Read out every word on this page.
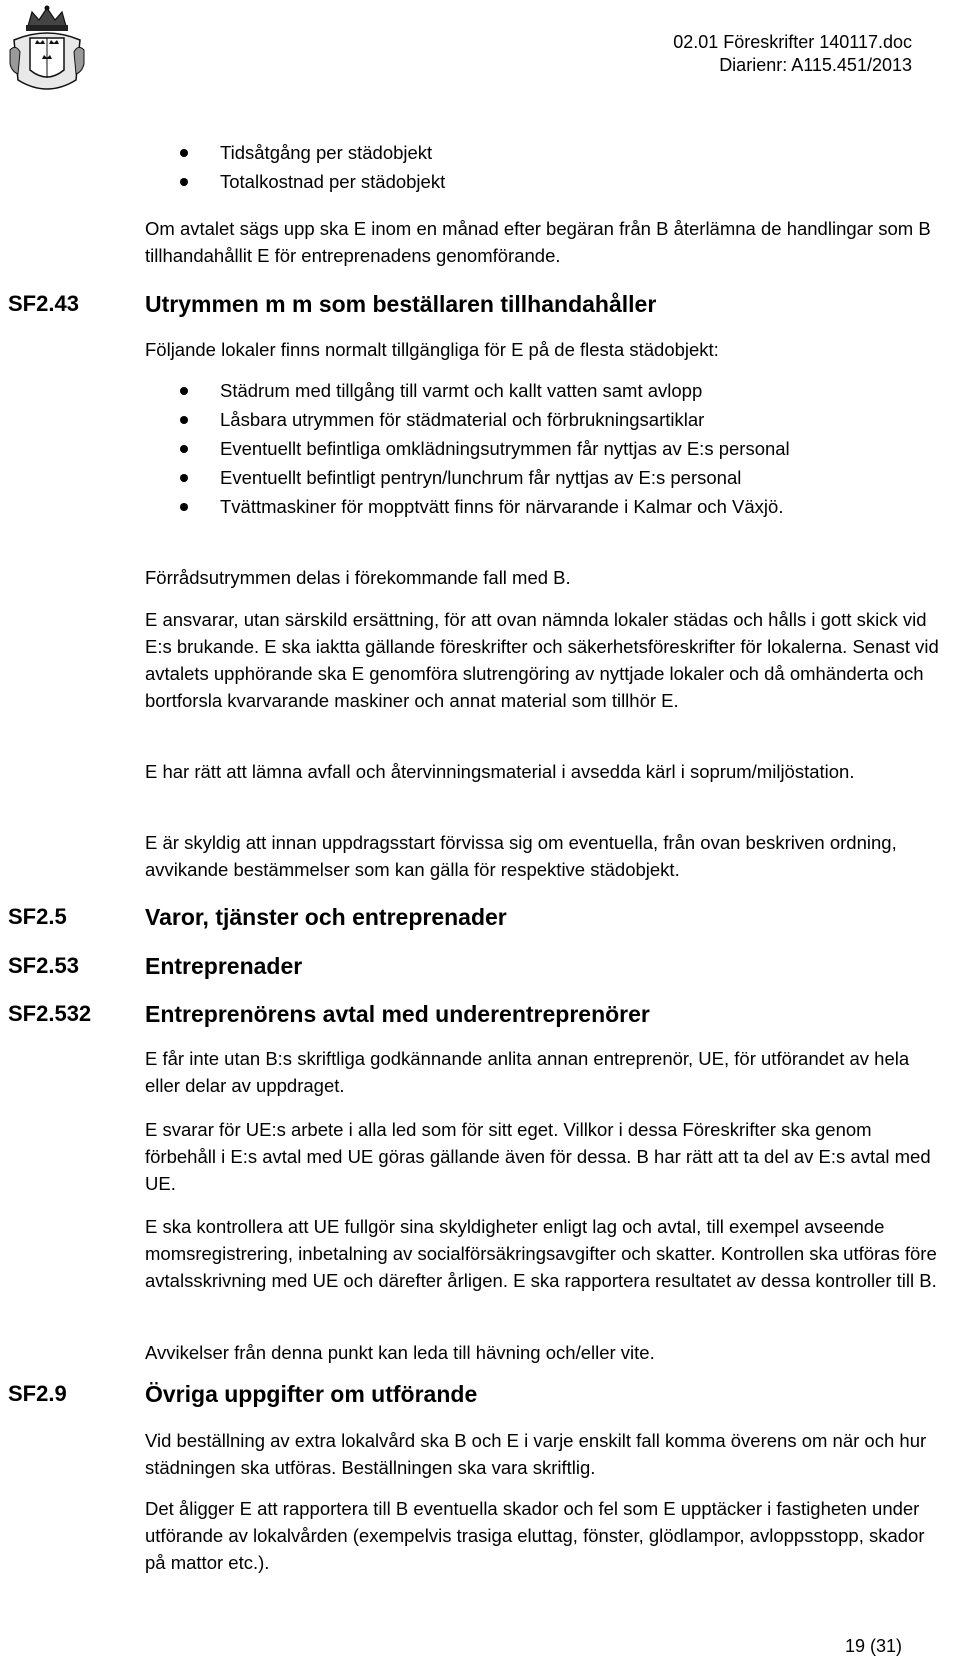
02.01 Föreskrifter 140117.doc
Diarienr: A115.451/2013
Tidsåtgång per städobjekt
Totalkostnad per städobjekt

Om avtalet sägs upp ska E inom en månad efter begäran från B återlämna de handlingar som B tillhandahållit E för entreprenadens genomförande.

SF2.43	Utrymmen m m som beställaren tillhandahåller

Följande lokaler finns normalt tillgängliga för E på de flesta städobjekt:

Städrum med tillgång till varmt och kallt vatten samt avlopp
Låsbara utrymmen för städmaterial och förbrukningsartiklar
Eventuellt befintliga omklädningsutrymmen får nyttjas av E:s personal
Eventuellt befintligt pentryn/lunchrum får nyttjas av E:s personal
Tvättmaskiner för mopptvätt finns för närvarande i Kalmar och Växjö.

Förrådsutrymmen delas i förekommande fall med B.

E ansvarar, utan särskild ersättning, för att ovan nämnda lokaler städas och hålls i gott skick vid E:s brukande. E ska iaktta gällande föreskrifter och säkerhetsföreskrifter för lokalerna. Senast vid avtalets upphörande ska E genomföra slutrengöring av nyttjade lokaler och då omhänderta och bortforsla kvarvarande maskiner och annat material som tillhör E.

E har rätt att lämna avfall och återvinningsmaterial i avsedda kärl i soprum/miljöstation.

E är skyldig att innan uppdragsstart förvissa sig om eventuella, från ovan beskriven ordning, avvikande bestämmelser som kan gälla för respektive städobjekt.

SF2.5	Varor, tjänster och entreprenader
SF2.53	Entreprenader
SF2.532 Entreprenörens avtal med underentreprenörer

E får inte utan B:s skriftliga godkännande anlita annan entreprenör, UE, för utförandet av hela eller delar av uppdraget.

E svarar för UE:s arbete i alla led som för sitt eget. Villkor i dessa Föreskrifter ska genom förbehåll i E:s avtal med UE göras gällande även för dessa. B har rätt att ta del av E:s avtal med UE.

E ska kontrollera att UE fullgör sina skyldigheter enligt lag och avtal, till exempel avseende momsregistrering, inbetalning av socialförsäkringsavgifter och skatter. Kontrollen ska utföras före avtalsskrivning med UE och därefter årligen. E ska rapportera resultatet av dessa kontroller till B.

Avvikelser från denna punkt kan leda till hävning och/eller vite.

SF2.9	Övriga uppgifter om utförande

Vid beställning av extra lokalvård ska B och E i varje enskilt fall komma överens om när och hur städningen ska utföras. Beställningen ska vara skriftlig.

Det åligger E att rapportera till B eventuella skador och fel som E upptäcker i fastigheten under utförande av lokalvården (exempelvis trasiga eluttag, fönster, glödlampor, avloppsstopp, skador på mattor etc.).

19 (31)
